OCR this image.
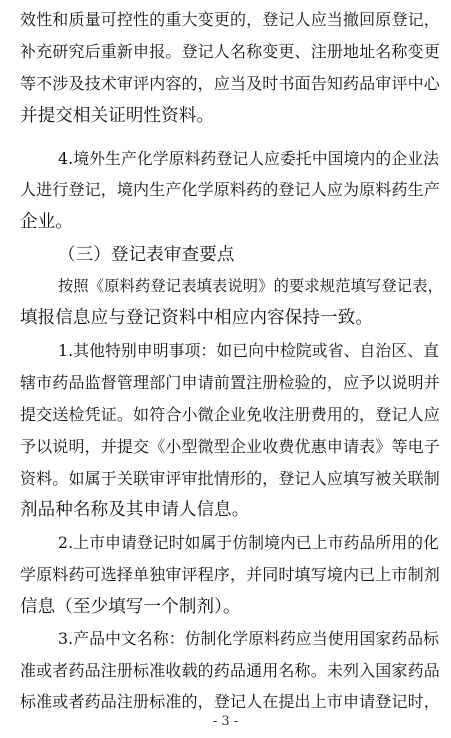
效性和质量可控性的重大变更的，登记人应当撤回原登记，
补充研究后重新申报。登记人名称变更、注册地址名称变更
等不涉及技术审评内容的，应当及时书面告知药品审评中心
并提交相关证明性资料。
4.境外生产化学原料药登记人应委托中国境内的企业法
人进行登记，境内生产化学原料药的登记人应为原料药生产
企业。
（三）登记表审查要点
按照《原料药登记表填表说明》的要求规范填写登记表，
填报信息应与登记资料中相应内容保持一致。
1.其他特别申明事项：如已向中检院或省、自治区、直
辖市药品监督管理部门申请前置注册检验的，应予以说明并
提交送检凭证。如符合小微企业免收注册费用的，登记人应
予以说明，并提交《小型微型企业收费优惠申请表》等电子
资料。如属于关联审评审批情形的，登记人应填写被关联制
剂品种名称及其申请人信息。
2.上市申请登记时如属于仿制境内已上市药品所用的化
学原料药可选择单独审评程序，并同时填写境内已上市制剂
信息（至少填写一个制剂）。
3.产品中文名称：仿制化学原料药应当使用国家药品标
准或者药品注册标准收载的药品通用名称。未列入国家药品
标准或者药品注册标准的，登记人在提出上市申请登记时，
- 3 -
